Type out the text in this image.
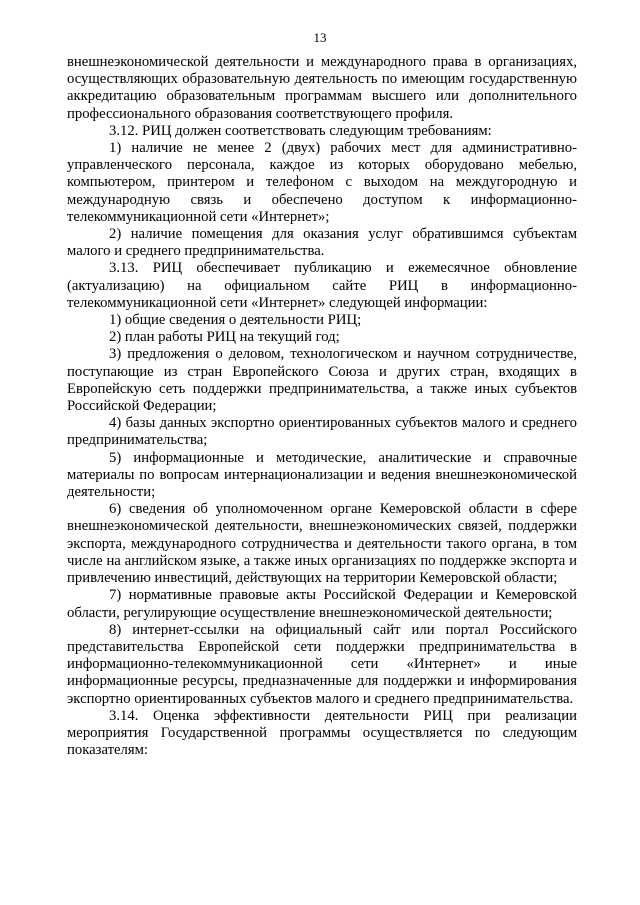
13

внешнеэкономической деятельности и международного права в организациях, осуществляющих образовательную деятельность по имеющим государственную аккредитацию образовательным программам высшего или дополнительного профессионального образования соответствующего профиля.

3.12. РИЦ должен соответствовать следующим требованиям:

1) наличие не менее 2 (двух) рабочих мест для административно-управленческого персонала, каждое из которых оборудовано мебелью, компьютером, принтером и телефоном с выходом на междугородную и международную связь и обеспечено доступом к информационно-телекоммуникационной сети «Интернет»;

2) наличие помещения для оказания услуг обратившимся субъектам малого и среднего предпринимательства.

3.13. РИЦ обеспечивает публикацию и ежемесячное обновление (актуализацию) на официальном сайте РИЦ в информационно-телекоммуникационной сети «Интернет» следующей информации:

1) общие сведения о деятельности РИЦ;

2) план работы РИЦ на текущий год;

3) предложения о деловом, технологическом и научном сотрудничестве, поступающие из стран Европейского Союза и других стран, входящих в Европейскую сеть поддержки предпринимательства, а также иных субъектов Российской Федерации;

4) базы данных экспортно ориентированных субъектов малого и среднего предпринимательства;

5) информационные и методические, аналитические и справочные материалы по вопросам интернационализации и ведения внешнеэкономической деятельности;

6) сведения об уполномоченном органе Кемеровской области в сфере внешнеэкономической деятельности, внешнеэкономических связей, поддержки экспорта, международного сотрудничества и деятельности такого органа, в том числе на английском языке, а также иных организациях по поддержке экспорта и привлечению инвестиций, действующих на территории Кемеровской области;

7) нормативные правовые акты Российской Федерации и Кемеровской области, регулирующие осуществление внешнеэкономической деятельности;

8) интернет-ссылки на официальный сайт или портал Российского представительства Европейской сети поддержки предпринимательства в информационно-телекоммуникационной сети «Интернет» и иные информационные ресурсы, предназначенные для поддержки и информирования экспортно ориентированных субъектов малого и среднего предпринимательства.

3.14. Оценка эффективности деятельности РИЦ при реализации мероприятия Государственной программы осуществляется по следующим показателям:
